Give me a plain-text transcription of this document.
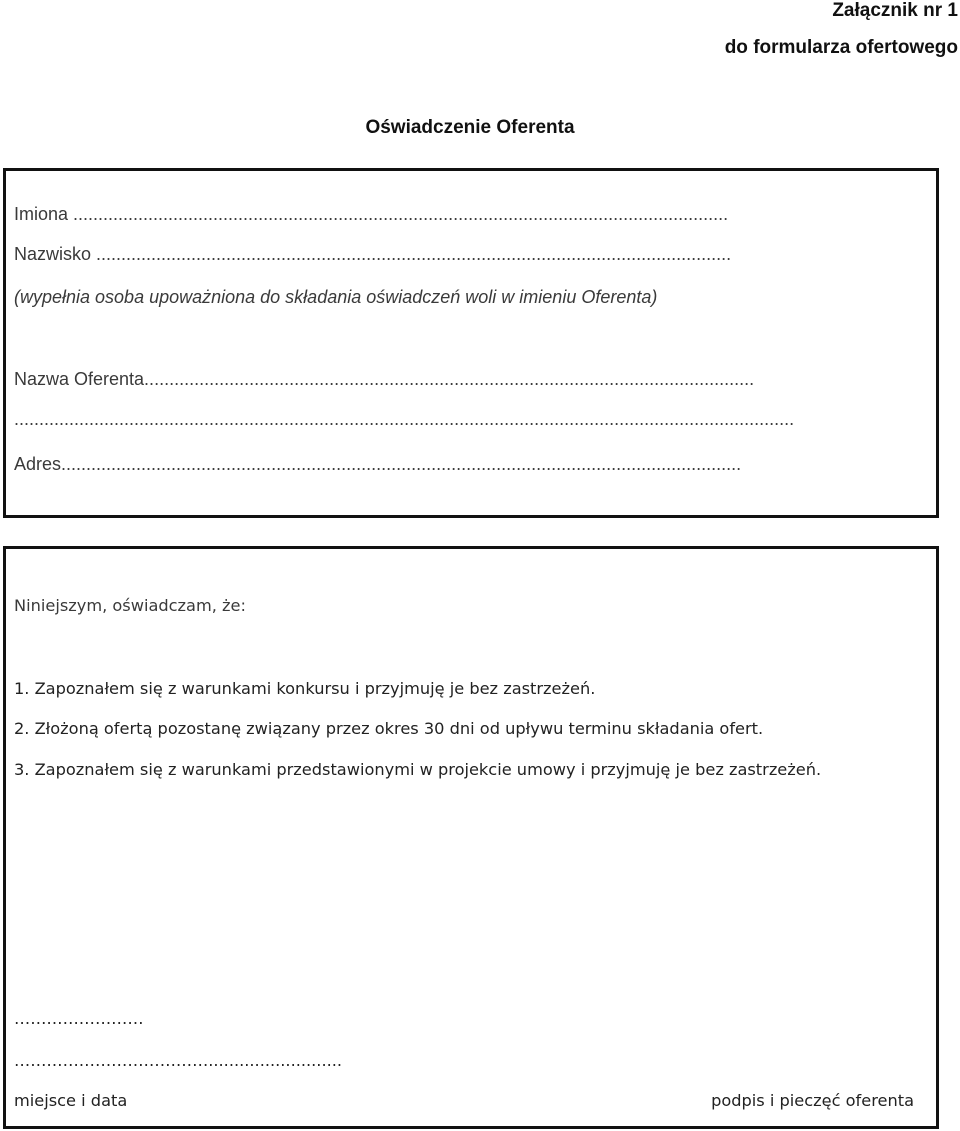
Załącznik nr 1
do formularza ofertowego
Oświadczenie Oferenta
Imiona ...................................................................................................................................
Nazwisko ...............................................................................................................................
(wypełnia osoba upoważniona do składania oświadczeń woli w imieniu Oferenta)
Nazwa Oferenta..........................................................................................................................
............................................................................................................................................................
Adres........................................................................................................................................
Niniejszym, oświadczam, że:
1. Zapoznałem się z warunkami konkursu i przyjmuję je bez zastrzeżeń.
2. Złożoną ofertą pozostanę związany przez okres 30 dni od upływu terminu składania ofert.
3. Zapoznałem się z warunkami przedstawionymi w projekcie umowy i przyjmuję je bez zastrzeżeń.
……………………
………………………………..........................
miejsce i data	podpis i pieczęć oferenta
